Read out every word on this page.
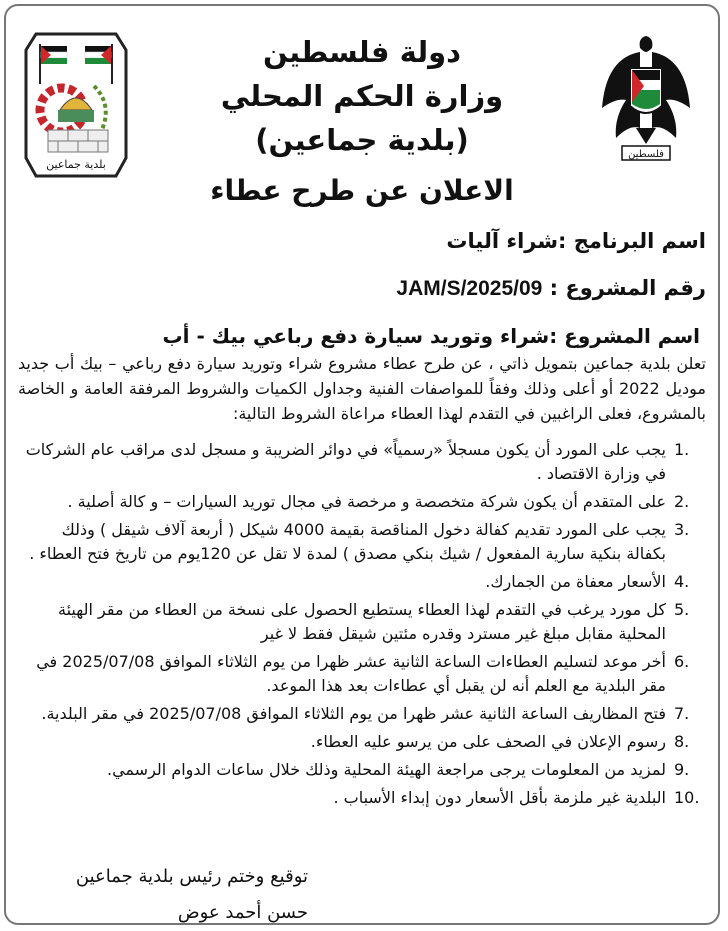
بلدية جماعين
فلسطين
دولة فلسطين
وزارة الحكم المحلي
(بلدية جماعين)
الاعلان عن طرح عطاء
اسم البرنامج :شراء آليات
رقم المشروع : JAM/S/2025/09
اسم المشروع :شراء وتوريد سيارة دفع رباعي بيك - أب
تعلن بلدية جماعين بتمويل ذاتي ، عن طرح عطاء مشروع شراء وتوريد سيارة دفع رباعي – بيك أب جديد موديل 2022 أو أعلى وذلك وفقاً للمواصفات الفنية وجداول الكميات والشروط المرفقة العامة و الخاصة بالمشروع، فعلى الراغبين في التقدم لهذا العطاء مراعاة الشروط التالية:
1.
يجب على المورد أن يكون مسجلاً «رسمياً» في دوائر الضريبة و مسجل لدى مراقب عام الشركات في وزارة الاقتصاد .
2.
على المتقدم أن يكون شركة متخصصة و مرخصة في مجال توريد السيارات – و كالة أصلية .
3.
يجب على المورد تقديم كفالة دخول المناقصة بقيمة 4000 شيكل ( أربعة آلاف شيقل ) وذلك بكفالة بنكية سارية المفعول / شيك بنكي مصدق ) لمدة لا تقل عن 120يوم من تاريخ فتح العطاء .
4.
الأسعار معفاة من الجمارك.
5.
كل مورد يرغب في التقدم لهذا العطاء يستطيع الحصول على نسخة من العطاء من مقر الهيئة المحلية مقابل مبلغ غير مسترد وقدره مئتين شيقل فقط لا غير
6.
أخر موعد لتسليم العطاءات الساعة الثانية عشر ظهرا من يوم الثلاثاء الموافق 2025/07/08 في مقر البلدية مع العلم أنه لن يقبل أي عطاءات بعد هذا الموعد.
7.
فتح المظاريف الساعة الثانية عشر ظهرا من يوم الثلاثاء الموافق 2025/07/08 في مقر البلدية.
8.
رسوم الإعلان في الصحف على من يرسو عليه العطاء.
9.
لمزيد من المعلومات يرجى مراجعة الهيئة المحلية وذلك خلال ساعات الدوام الرسمي.
10.
البلدية غير ملزمة بأقل الأسعار دون إبداء الأسباب .
توقيع وختم رئيس بلدية جماعين
حسن أحمد عوض
